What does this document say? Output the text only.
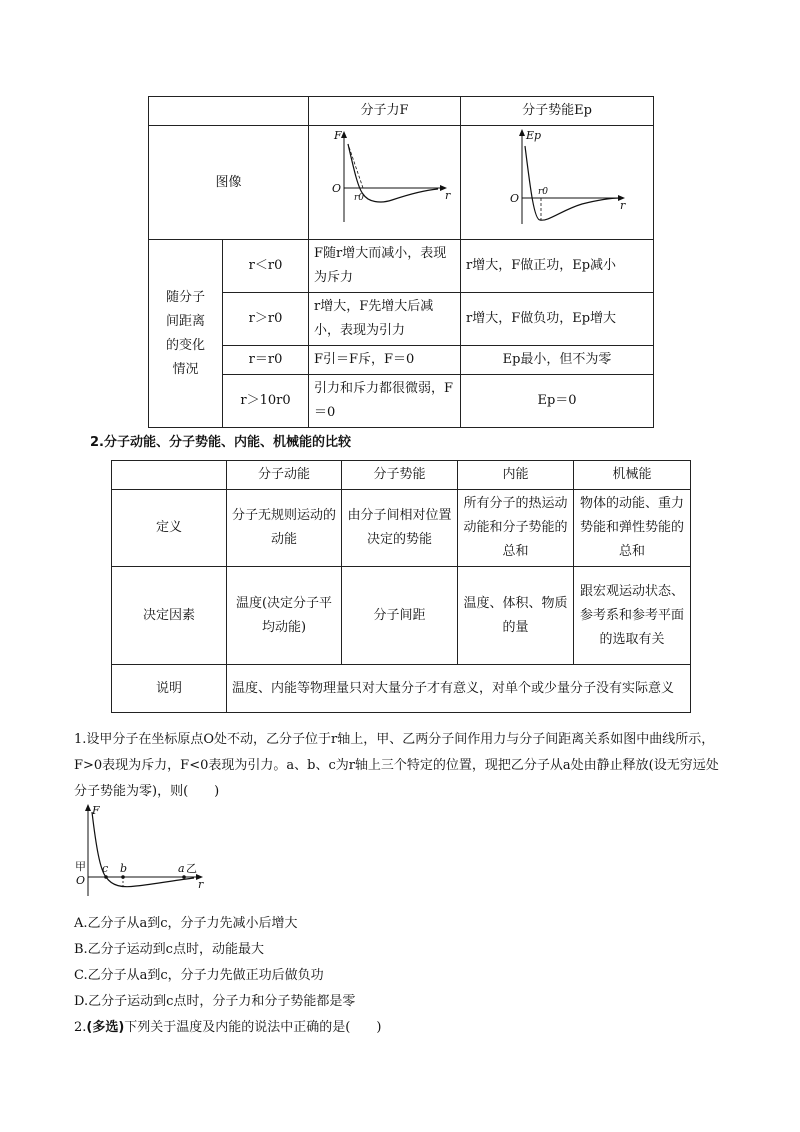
		分子力F	分子势能Ep
图像		F
O
r
r0	Ep
O
r
r0

随分子间距离的变化情况	r＜r0	F随r增大而减小，表现为斥力	r增大，F做正功，Ep减小
	r＞r0	r增大，F先增大后减小，表现为引力	r增大，F做负功，Ep增大
	r＝r0	F引＝F斥，F＝0	Ep最小，但不为零
	r＞10r0	引力和斥力都很微弱，F＝0	Ep＝0
2.分子动能、分子势能、内能、机械能的比较
	分子动能	分子势能	内能	机械能
定义	分子无规则运动的动能	由分子间相对位置决定的势能	所有分子的热运动动能和分子势能的总和	物体的动能、重力势能和弹性势能的总和
决定因素	温度(决定分子平均动能)	分子间距	温度、体积、物质的量	跟宏观运动状态、参考系和参考平面的选取有关
说明	温度、内能等物理量只对大量分子才有意义，对单个或少量分子没有实际意义			
1.设甲分子在坐标原点O处不动，乙分子位于r轴上，甲、乙两分子间作用力与分子间距离关系如图中曲线所示，F>0表现为斥力，F<0表现为引力。a、b、c为r轴上三个特定的位置，现把乙分子从a处由静止释放(设无穷远处分子势能为零)，则(　　)
F
甲
O
c b	a 乙
r
A.乙分子从a到c，分子力先减小后增大
B.乙分子运动到c点时，动能最大
C.乙分子从a到c，分子力先做正功后做负功
D.乙分子运动到c点时，分子力和分子势能都是零
2.(多选)下列关于温度及内能的说法中正确的是(　　)
